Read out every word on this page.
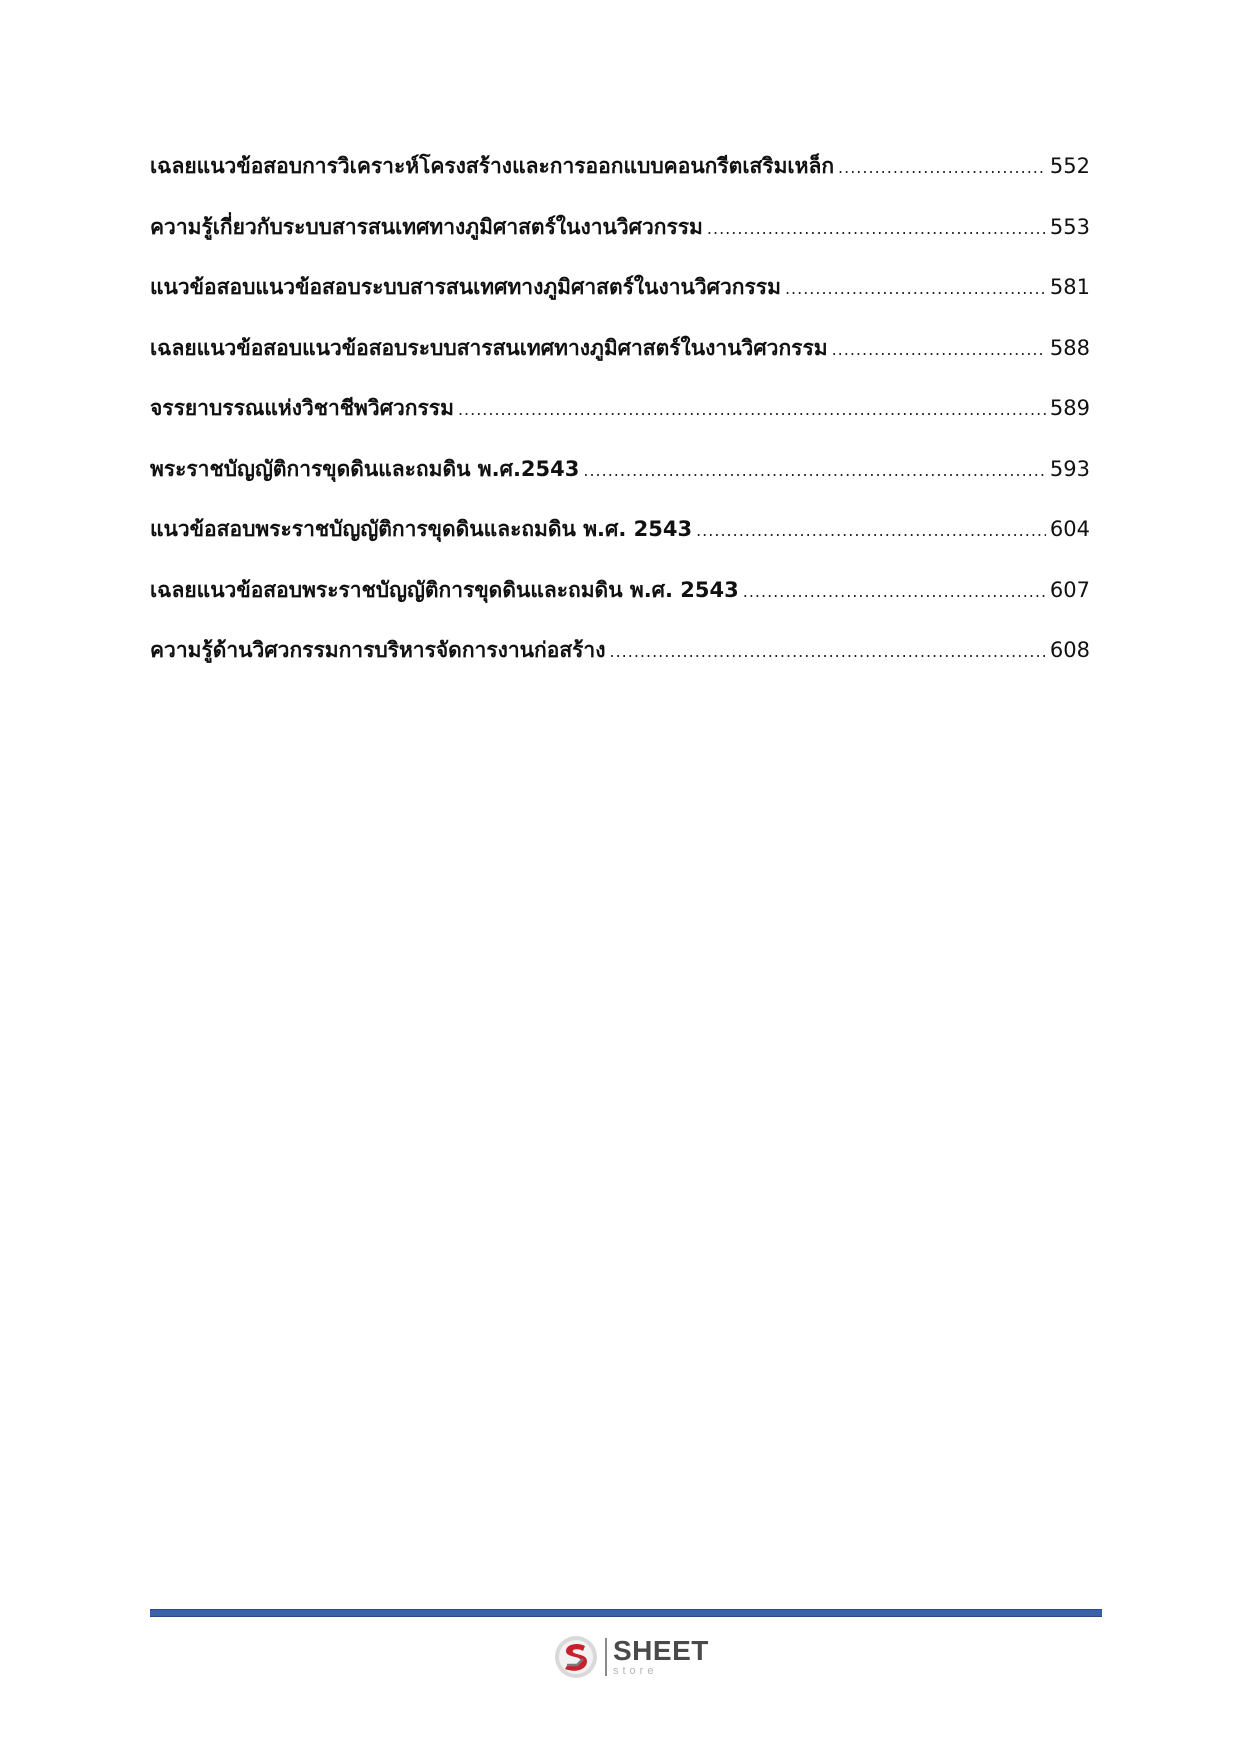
เฉลยแนวข้อสอบการวิเคราะห์โครงสร้างและการออกแบบคอนกรีตเสริมเหล็ก .....	552
ความรู้เกี่ยวกับระบบสารสนเทศทางภูมิศาสตร์ในงานวิศวกรรม .....	553
แนวข้อสอบแนวข้อสอบระบบสารสนเทศทางภูมิศาสตร์ในงานวิศวกรรม .....	581
เฉลยแนวข้อสอบแนวข้อสอบระบบสารสนเทศทางภูมิศาสตร์ในงานวิศวกรรม .....	588
จรรยาบรรณแห่งวิชาชีพวิศวกรรม .....	589
พระราชบัญญัติการขุดดินและถมดิน พ.ศ.2543 .....	593
แนวข้อสอบพระราชบัญญัติการขุดดินและถมดิน พ.ศ. 2543 .....	604
เฉลยแนวข้อสอบพระราชบัญญัติการขุดดินและถมดิน พ.ศ. 2543 .....	607
ความรู้ด้านวิศวกรรมการบริหารจัดการงานก่อสร้าง .....	608
SHEET
store
